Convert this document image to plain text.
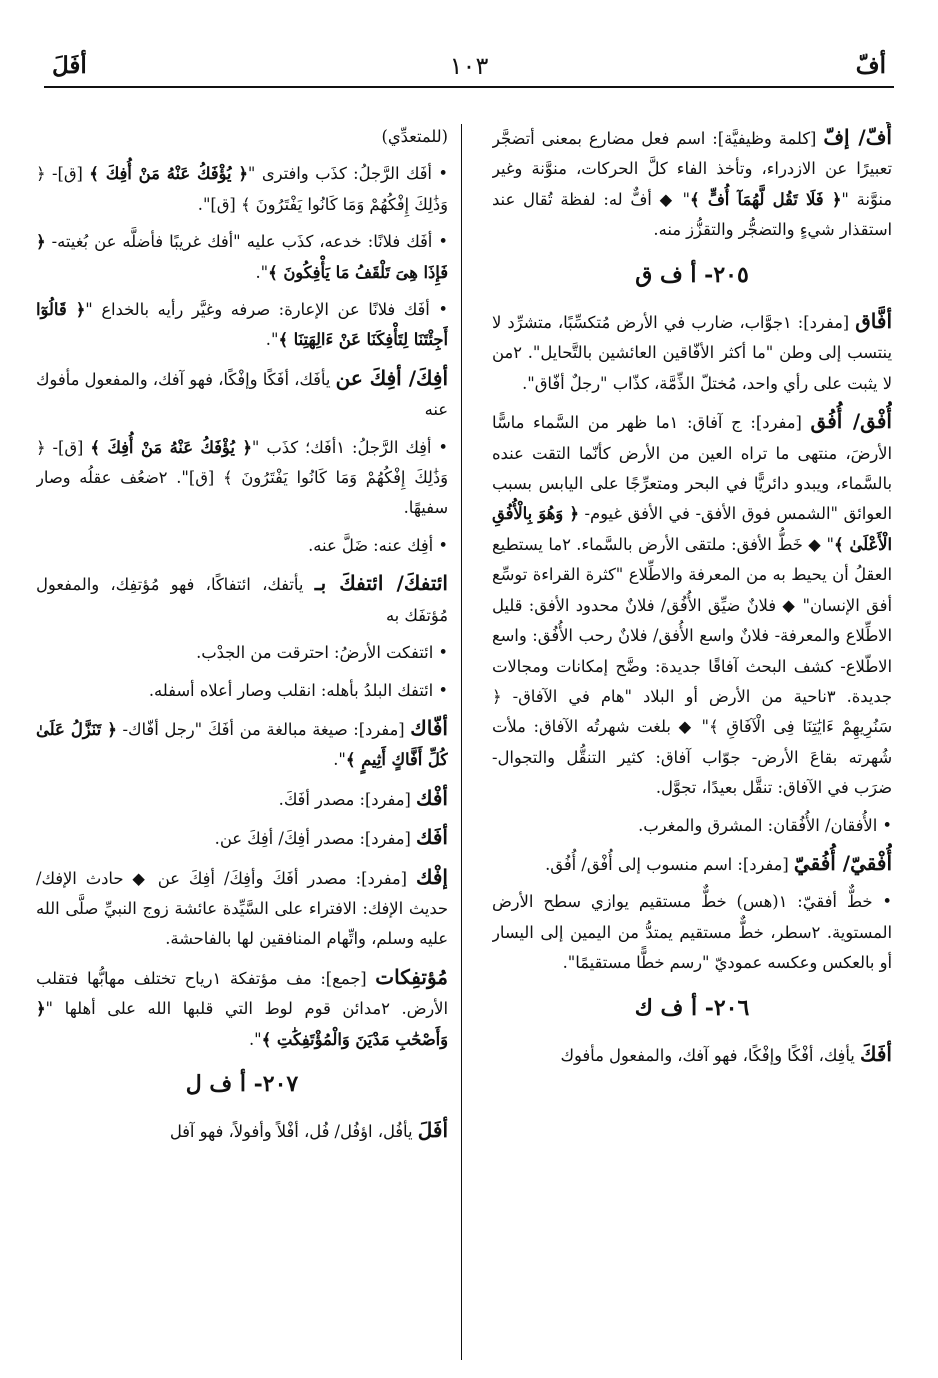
أفّ
١٠٣
أفَلَ

أُفّ/ إفّ [كلمة وظيفيَّة]: اسم فعل مضارع بمعنى أتضجَّر تعبيرًا عن الازدراء، وتأخذ الفاء كلَّ الحركات، منوَّنة وغير منوَّنة "﴿ فَلَا تَقُل لَّهُمَآ أُفٍّ ﴾" ◆ أفٌّ له: لفظة تُقال عند استقذار شيءٍ والتضجُّر والتقزُّز منه.

٢٠٥- أ ف ق

أفَّاق [مفرد]: ١جوَّاب، ضارب في الأرض مُتكسِّبًا، متشرِّد لا ينتسب إلى وطن "ما أكثر الأفّاقين العائشين بالتَّحايل". ٢من لا يثبت على رأي واحد، مُختلّ الذِّمَّة، كذّاب "رجلٌ أفّاق".

أُفْق/ أُفُق [مفرد]: ج آفاق: ١ما ظهر من السَّماء ماسًّا الأرضَ، منتهى ما تراه العين من الأرض كأنّما التقت عنده بالسَّماء، ويبدو دائريًّا في البحر ومتعرِّجًا على اليابس بسبب العوائق "الشمس فوق الأفق- في الأفق غيوم- ﴿ وَهُوَ بِالْأُفُقِ الْأَعْلَىٰ ﴾" ◆ خَطُّ الأفق: ملتقى الأرض بالسَّماء. ٢ما يستطيع العقلُ أن يحيط به من المعرفة والاطِّلاع "كثرة القراءة توسِّع أفق الإنسان" ◆ فلانٌ ضيِّق الأُفُق/ فلانٌ محدود الأفق: قليل الاطِّلاع والمعرفة- فلانٌ واسع الأُفق/ فلانٌ رحب الأُفُق: واسع الاطّلاع- كشف البحث آفاقًا جديدة: وضَّح إمكانات ومجالات جديدة. ٣ناحية من الأرض أو البلاد "هام في الآفاق- ﴿ سَنُرِيهِمْ ءَايَٰتِنَا فِى الْآفَاقِ ﴾" ◆ بلغت شهرتُه الآفاق: ملأت شُهرته بقاعَ الأرض- جوّاب آفاق: كثير التنقُّل والتجوال- ضرَب في الآفاق: تنقَّل بعيدًا، تجوَّل.

• الأُفقان/ الأُفُقان: المشرق والمغرب.

أُفْقيّ/ أُفُقيّ [مفرد]: اسم منسوب إلى أُفْق/ أُفُق.

• خطٌّ أفقيّ: ١(هس) خطٌّ مستقيم يوازي سطح الأرض المستوية. ٢سطر، خطٌّ مستقيم يمتدُّ من اليمين إلى اليسار أو بالعكس وعكسه عموديّ "رسم خطًّا مستقيمًا".

٢٠٦- أ ف ك

أفَكَ يأفِك، أفْكًا وإفْكًا، فهو آفك، والمفعول مأفوك

(للمتعدِّي)

• أفَك الرَّجلُ: كذَب وافترى "﴿ يُؤْفَكُ عَنْهُ مَنْ أُفِكَ ﴾ [ق]- ﴿ وَذَٰلِكَ إِفْكُهُمْ وَمَا كَانُوا يَفْتَرُونَ ﴾ [ق]".

• أفَك فلانًا: خدعه، كذَب عليه "أفك غريبًا فأضلَّه عن بُغيته- ﴿ فَإِذَا هِىَ تَلْقَفُ مَا يَأْفِكُونَ ﴾".

• أفَك فلانًا عن الإعارة: صرفه وغيَّر رأيه بالخداع "﴿ قَالُوٓا أَجِئْتَنَا لِتَأْفِكَنَا عَنْ ءَالِهَتِنَا ﴾".

أفِكَ/ أفِكَ عن يأفَك، أفَكًا وإفْكًا، فهو آفك، والمفعول مأفوك عنه

• أفِك الرَّجلُ: ١أفَك؛ كذَب "﴿ يُؤْفَكُ عَنْهُ مَنْ أُفِكَ ﴾ [ق]- ﴿ وَذَٰلِكَ إِفْكُهُمْ وَمَا كَانُوا يَفْتَرُونَ ﴾ [ق]". ٢ضعُف عقلُه وصار سفيهًا.

• أفِك عنه: ضَلَّ عنه.

ائتفكَ/ ائتفكَ بـ يأتفك، ائتفاكًا، فهو مُؤتفِك، والمفعول مُؤتفَك به

• ائتفكت الأرضُ: احترقت من الجدْب.

• ائتفك البلدُ بأهله: انقلب وصار أعلاه أسفله.

أفّاك [مفرد]: صيغة مبالغة من أفَكَ "رجل أفّاك- ﴿ تَنَزَّلُ عَلَىٰ كُلِّ أَفَّاكٍ أَثِيمٍ ﴾".

أفْك [مفرد]: مصدر أفَكَ.

أفَك [مفرد]: مصدر أفِكَ/ أفِكَ عن.

إفْك [مفرد]: مصدر أفَكَ وأفِكَ/ أفِكَ عن ◆ حادث الإفك/ حديث الإفك: الافتراء على السَّيِّدة عائشة زوج النبيِّ صلَّى الله عليه وسلم، واتِّهام المنافقين لها بالفاحشة.

مُؤتفِكات [جمع]: مف مؤتفكة ١رياح تختلف مهابُّها فتقلب الأرض. ٢مدائن قوم لوط التي قلبها الله على أهلها "﴿ وَأَصْحَٰبِ مَدْيَنَ وَالْمُؤْتَفِكَٰتِ ﴾".

٢٠٧- أ ف ل

أفَلَ يأفُل، اؤفُل/ فُل، أفْلاً وأفولاً، فهو آفل
